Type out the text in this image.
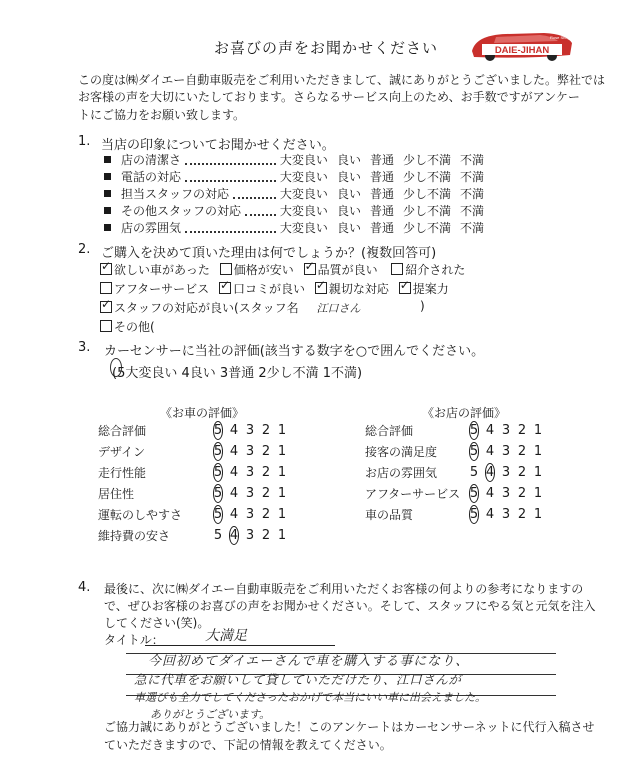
お喜びの声をお聞かせください	DAIE-JIHAN
Rose Shop
この度は㈱ダイエー自動車販売をご利用いただきまして、誠にありがとうございました。弊社では
お客様の声を大切にいたしております。さらなるサービス向上のため、お手数ですがアンケー
トにご協力をお願い致します。
1. 当店の印象についてお聞かせください。
店の清潔さ	大変良い 良い 普通 少し不満 不満
電話の対応	大変良い 良い 普通 少し不満 不満
担当スタッフの対応	大変良い 良い 普通 少し不満 不満
その他スタッフの対応	大変良い 良い 普通 少し不満 不満
店の雰囲気	大変良い 良い 普通 少し不満 不満
2. ご購入を決めて頂いた理由は何でしょうか？(複数回答可)
✓欲しい車があった 価格が安い ✓ 品質が良い 紹介された
アフターサービス ✓ 口コミが良い ✓ 親切な対応 ✓ 提案力
✓スタッフの対応が良い(スタッフ名 江口さん	)
その他(
3. カーセンサーに当社の評価(該当する数字を○で囲んでください。
(5大変良い 4良い 3普通 2少し不満 1不満)
《お車の評価》	《お店の評価》
総合評価	5 4 3 2 1
デザイン	5 4 3 2 1
走行性能	5 4 3 2 1
居住性	5 4 3 2 1
運転のしやすさ 5 4 3 2 1
維持費の安さ	5 4 3 2 1
総合評価	5 4 3 2 1
接客の満足度	5 4 3 2 1
お店の雰囲気	5 4 3 2 1
アフターサービス 5 4 3 2 1
車の品質	5 4 3 2 1
4. 最後に、次に㈱ダイエー自動車販売をご利用いただくお客様の何よりの参考になりますの
で、ぜひお客様のお喜びの声をお聞かせください。そして、スタッフにやる気と元気を注入
してください(笑)。
タイトル：	大満足
今回初めてダイエーさんで車を購入する事になり、
急に代車をお願いして貸していただけたり、江口さんが
車選びも全力でしてくださったおかげで本当にいい車に出会えました。
ありがとうございます。
ご協力誠にありがとうございました！このアンケートはカーセンサーネットに代行入稿させ
ていただきますので、下記の情報を教えてください。
